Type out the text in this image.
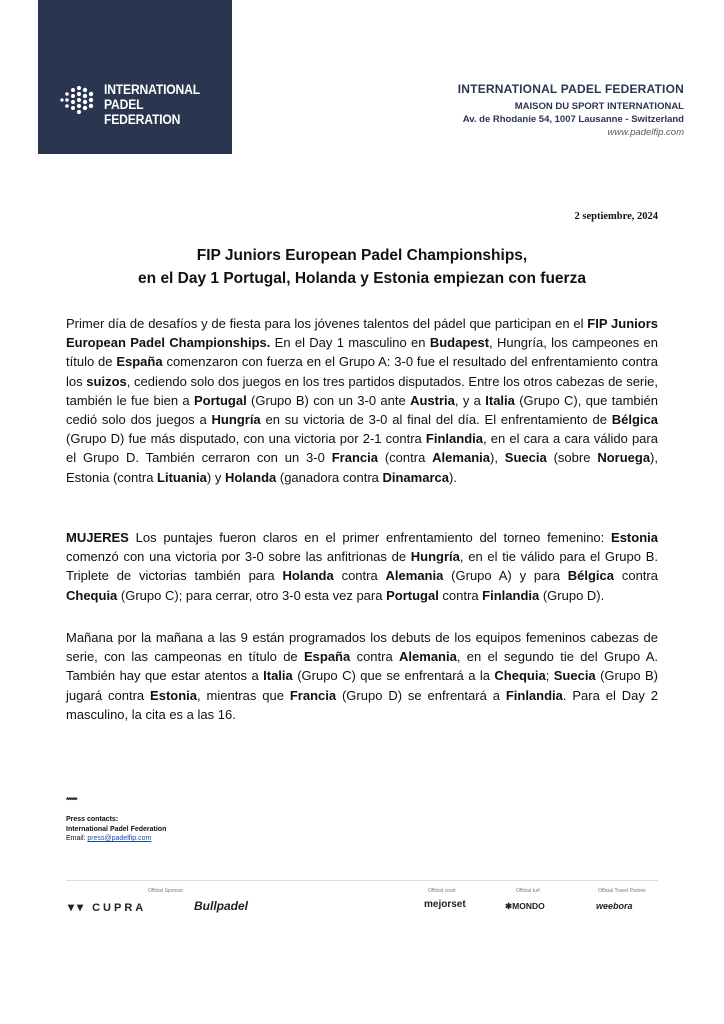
INTERNATIONAL
PADEL
FEDERATION
INTERNATIONAL PADEL FEDERATION
MAISON DU SPORT INTERNATIONAL
Av. de Rhodanie 54, 1007 Lausanne - Switzerland
www.padelfip.com
2 septiembre, 2024
FIP Juniors European Padel Championships,
en el Day 1 Portugal, Holanda y Estonia empiezan con fuerza
Primer día de desafíos y de fiesta para los jóvenes talentos del pádel que participan en el FIP Juniors European Padel Championships. En el Day 1 masculino en Budapest, Hungría, los campeones en título de España comenzaron con fuerza en el Grupo A: 3-0 fue el resultado del enfrentamiento contra los suizos, cediendo solo dos juegos en los tres partidos disputados. Entre los otros cabezas de serie, también le fue bien a Portugal (Grupo B) con un 3-0 ante Austria, y a Italia (Grupo C), que también cedió solo dos juegos a Hungría en su victoria de 3-0 al final del día. El enfrentamiento de Bélgica (Grupo D) fue más disputado, con una victoria por 2-1 contra Finlandia, en el cara a cara válido para el Grupo D. También cerraron con un 3-0 Francia (contra Alemania), Suecia (sobre Noruega), Estonia (contra Lituania) y Holanda (ganadora contra Dinamarca).
MUJERES Los puntajes fueron claros en el primer enfrentamiento del torneo femenino: Estonia comenzó con una victoria por 3-0 sobre las anfitrionas de Hungría, en el tie válido para el Grupo B. Triplete de victorias también para Holanda contra Alemania (Grupo A) y para Bélgica contra Chequia (Grupo C); para cerrar, otro 3-0 esta vez para Portugal contra Finlandia (Grupo D).
Mañana por la mañana a las 9 están programados los debuts de los equipos femeninos cabezas de serie, con las campeonas en título de España contra Alemania, en el segundo tie del Grupo A. También hay que estar atentos a Italia (Grupo C) que se enfrentará a la Chequia; Suecia (Grupo B) jugará contra Estonia, mientras que Francia (Grupo D) se enfrentará a Finlandia. Para el Day 2 masculino, la cita es a las 16.
*****
Press contacts:
International Padel Federation
Email: press@padelfip.com
Official Sponsor	Official court	Official turf	Official Travel Partner
▾▾ CUPRA	Bullpadel	mejorset	✱MONDO	weebora
